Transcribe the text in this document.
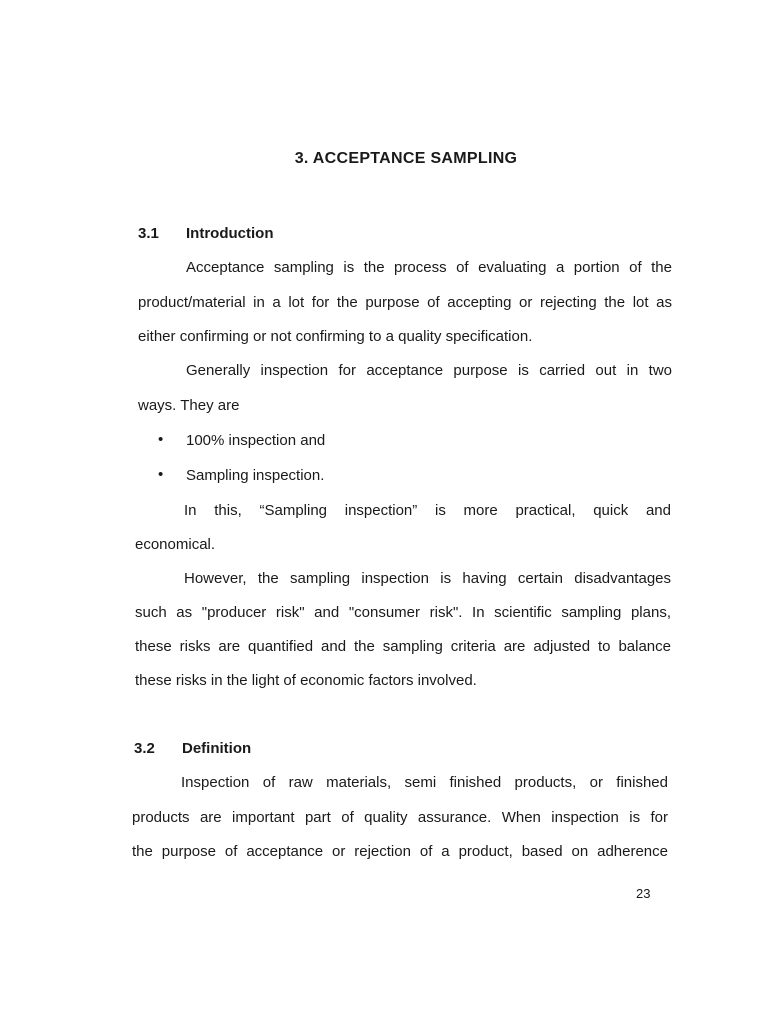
3. ACCEPTANCE SAMPLING
3.1 Introduction
Acceptance sampling is the process of evaluating a portion of the
product/material in a lot for the purpose of accepting or rejecting the lot as
either confirming or not confirming to a quality specification.
Generally inspection for acceptance purpose is carried out in two
ways. They are
• 100% inspection and
• Sampling inspection.
In this, “Sampling inspection” is more practical, quick and
economical.
However, the sampling inspection is having certain disadvantages
such as "producer risk" and "consumer risk". In scientific sampling plans,
these risks are quantified and the sampling criteria are adjusted to balance
these risks in the light of economic factors involved.
3.2 Definition
Inspection of raw materials, semi finished products, or finished
products are important part of quality assurance. When inspection is for
the purpose of acceptance or rejection of a product, based on adherence
23
